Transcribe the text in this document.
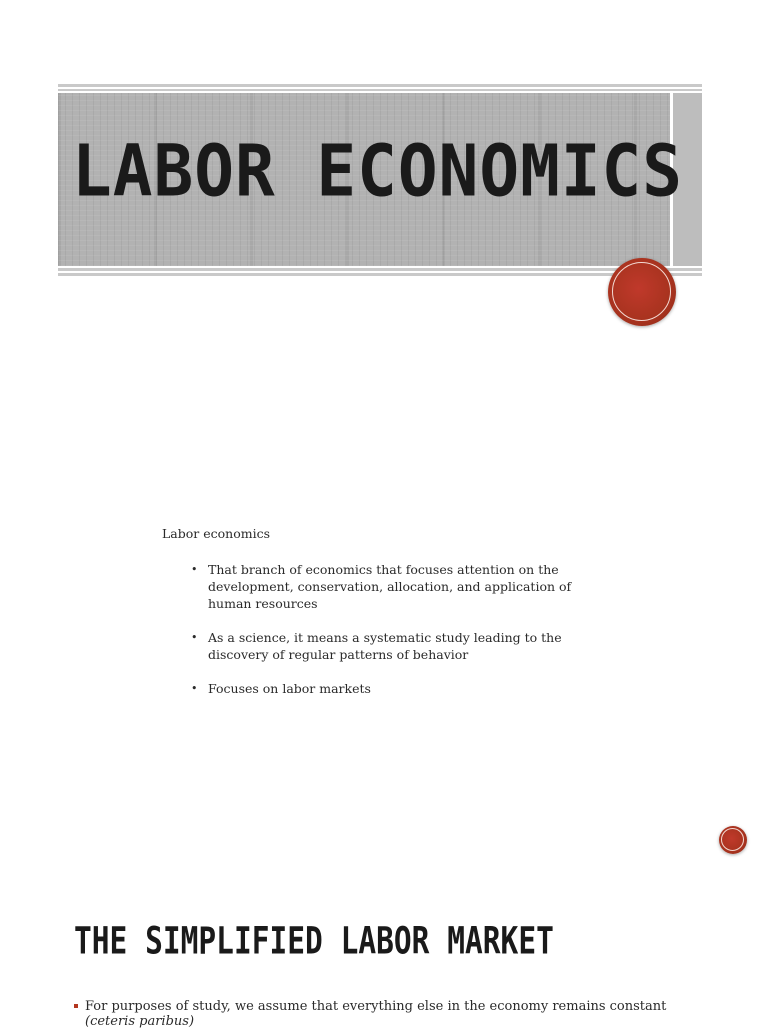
LABOR ECONOMICS
Labor economics
• That branch of economics that focuses attention on the development, conservation, allocation, and application of human resources
• As a science, it means a systematic study leading to the discovery of regular patterns of behavior
• Focuses on labor markets
THE SIMPLIFIED LABOR MARKET
For purposes of study, we assume that everything else in the economy remains constant
(ceteris paribus)
